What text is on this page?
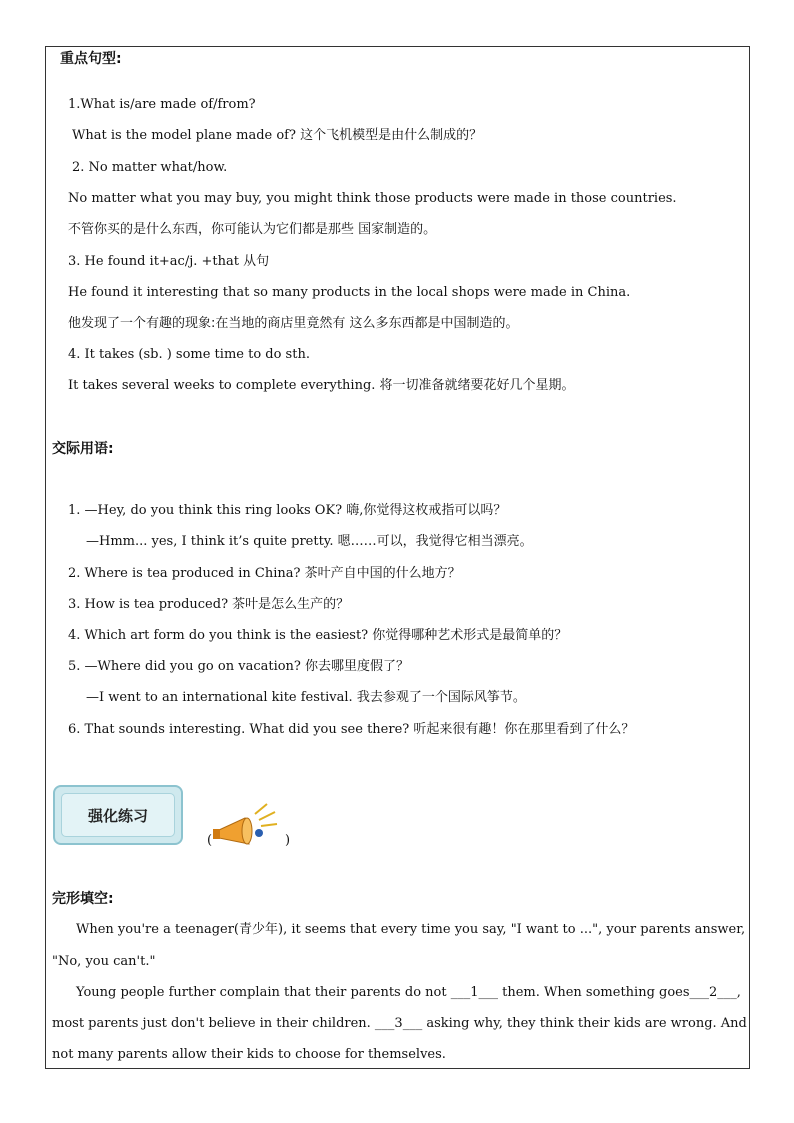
重点句型:
1.What is/are made of/from?
What is the model plane made of? 这个飞机模型是由什么制成的？
2. No matter what/how.
No matter what you may buy, you might think those products were made in those countries.
不管你买的是什么东西，你可能认为它们都是那些 国家制造的。
3. He found it+ac/j. +that 从句
He found it interesting that so many products in the local shops were made in China.
他发现了一个有趣的现象:在当地的商店里竟然有 这么多东西都是中国制造的。
4. It takes (sb. ) some time to do sth.
It takes several weeks to complete everything. 将一切准备就绪要花好几个星期。
交际用语:
1. —Hey, do you think this ring looks OK? 嗨,你觉得这枚戒指可以吗？
—Hmm... yes, I think it’s quite pretty. 嗯……可以，我觉得它相当漂亮。
2. Where is tea produced in China? 茶叶产自中国的什么地方？
3. How is tea produced? 茶叶是怎么生产的？
4. Which art form do you think is the easiest? 你觉得哪种艺术形式是最简单的？
5. —Where did you go on vacation? 你去哪里度假了？
—I went to an international kite festival. 我去参观了一个国际风筝节。
6. That sounds interesting. What did you see there? 听起来很有趣！你在那里看到了什么？
强化练习
(	)
完形填空:
When you're a teenager(青少年), it seems that every time you say, "I want to ...", your parents answer,
"No, you can't."
Young people further complain that their parents do not ___1___ them. When something goes___2___,
most parents just don't believe in their children. ___3___ asking why, they think their kids are wrong. And
not many parents allow their kids to choose for themselves.
